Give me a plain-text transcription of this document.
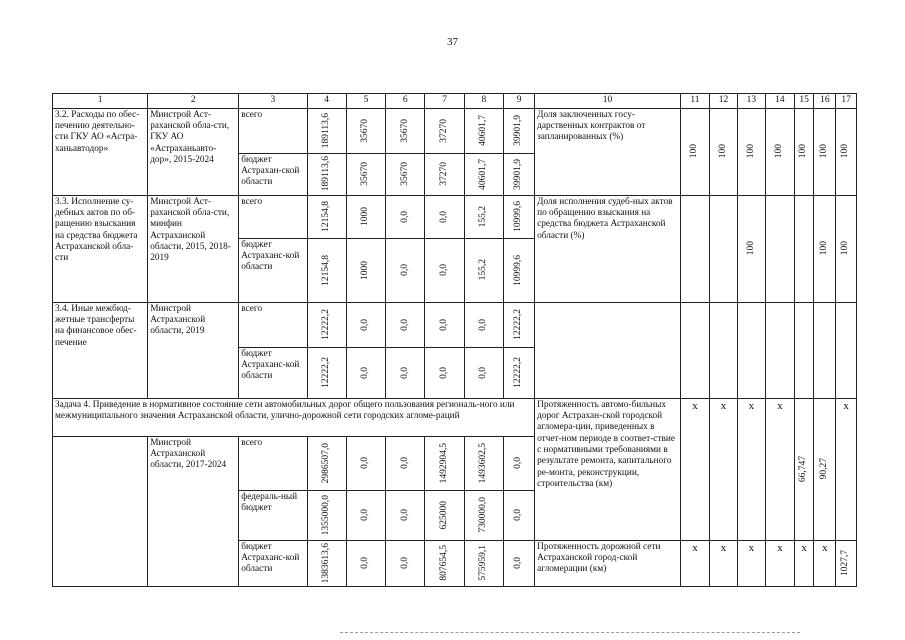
37
1	2	3	4	5	6	7	8	9	10	11	12	13	14	15	16	17
3.2. Расходы по обес-печению деятельно-сти ГКУ АО «Астра-ханьавтодор»	Минстрой Аст-раханской обла-сти, ГКУ АО «Астраханьавто-дор», 2015-2024	всего	189113,6	35670	35670	37270	40601,7	39901,9	Доля заключенных госу-дарственных контрактов от запланированных (%)	100	100	100	100	100	100	100

		бюджет Астрахан-ской области	189113,6	35670	35670	37270	40601,7	39901,9								

3.3. Исполнение су-дебных актов по об-ращению взыскания на средства бюджета Астраханской обла-сти	Минстрой Аст-раханской обла-сти, минфин Астраханской области, 2015, 2018-2019	всего	12154,8	1000	0,0	0,0	155,2	10999,6	Доля исполнения судеб-ных актов по обращению взыскания на средства бюджета Астраханской области (%)			100			100	100

		бюджет Астраханс-кой области	12154,8	1000	0,0	0,0	155,2	10999,6								

3.4. Иные межбюд-жетные трансферты на финансовое обес-печение	Минстрой Астраханской области, 2019	всего	12222,2	0,0	0,0	0,0	0,0	12222,2								

		бюджет Астраханс-кой области	12222,2	0,0	0,0	0,0	0,0	12222,2								

Задача 4. Приведение в нормативное состояние сети автомобильных дорог общего пользования региональ-ного или межмуниципального значения Астраханской области, улично-дорожной сети городских агломе-раций									Протяженность автомо-бильных дорог Астрахан-ской городской агломера-ции, приведенных в отчет-ном периоде в соответ-ствие с нормативными требованиями в результате ремонта, капитального ре-монта, реконструкции, строительства (км)	х	х	х	х	66,747	90,27	х
	Минстрой Астраханской области, 2017-2024	всего	2986507,0	0,0	0,0	1492904,5	1493602,5	0,0								

		федераль-ный бюджет	1355000,0	0,0	0,0	625000	730000,0	0,0								

		бюджет Астраханс-кой области	1383613,6	0,0	0,0	807654,5	575959,1	0,0	Протяженность дорожной сети Астраханской город-ской агломерации (км)	х	х	х	х	х	х	1027,7
